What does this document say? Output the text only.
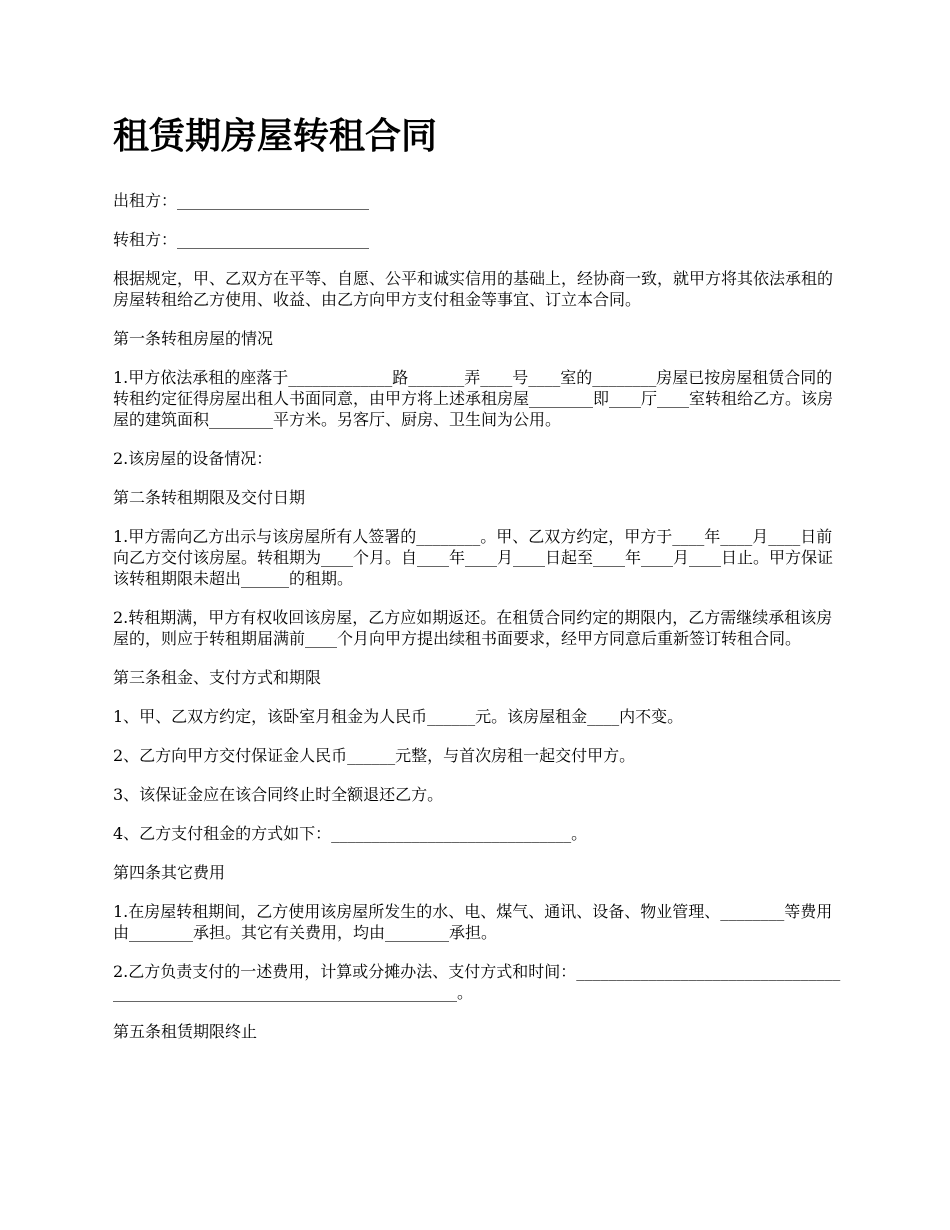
租赁期房屋转租合同

出租方：________________________

转租方：________________________

根据规定，甲、乙双方在平等、自愿、公平和诚实信用的基础上，经协商一致，就甲方将其依法承租的房屋转租给乙方使用、收益、由乙方向甲方支付租金等事宜、订立本合同。

第一条转租房屋的情况

1.甲方依法承租的座落于_____________路_______弄____号____室的________房屋已按房屋租赁合同的转租约定征得房屋出租人书面同意，由甲方将上述承租房屋________即____厅____室转租给乙方。该房屋的建筑面积________平方米。另客厅、厨房、卫生间为公用。

2.该房屋的设备情况：

第二条转租期限及交付日期

1.甲方需向乙方出示与该房屋所有人签署的________。甲、乙双方约定，甲方于____年____月____日前向乙方交付该房屋。转租期为____个月。自____年____月____日起至____年____月____日止。甲方保证该转租期限未超出______的租期。

2.转租期满，甲方有权收回该房屋，乙方应如期返还。在租赁合同约定的期限内，乙方需继续承租该房屋的，则应于转租期届满前____个月向甲方提出续租书面要求，经甲方同意后重新签订转租合同。

第三条租金、支付方式和期限

1、甲、乙双方约定，该卧室月租金为人民币______元。该房屋租金____内不变。

2、乙方向甲方交付保证金人民币______元整，与首次房租一起交付甲方。

3、该保证金应在该合同终止时全额退还乙方。

4、乙方支付租金的方式如下：______________________________。

第四条其它费用

1.在房屋转租期间，乙方使用该房屋所发生的水、电、煤气、通讯、设备、物业管理、________等费用由________承担。其它有关费用，均由________承担。

2.乙方负责支付的一述费用，计算或分摊办法、支付方式和时间：____________________________________________________________________________。

第五条租赁期限终止
